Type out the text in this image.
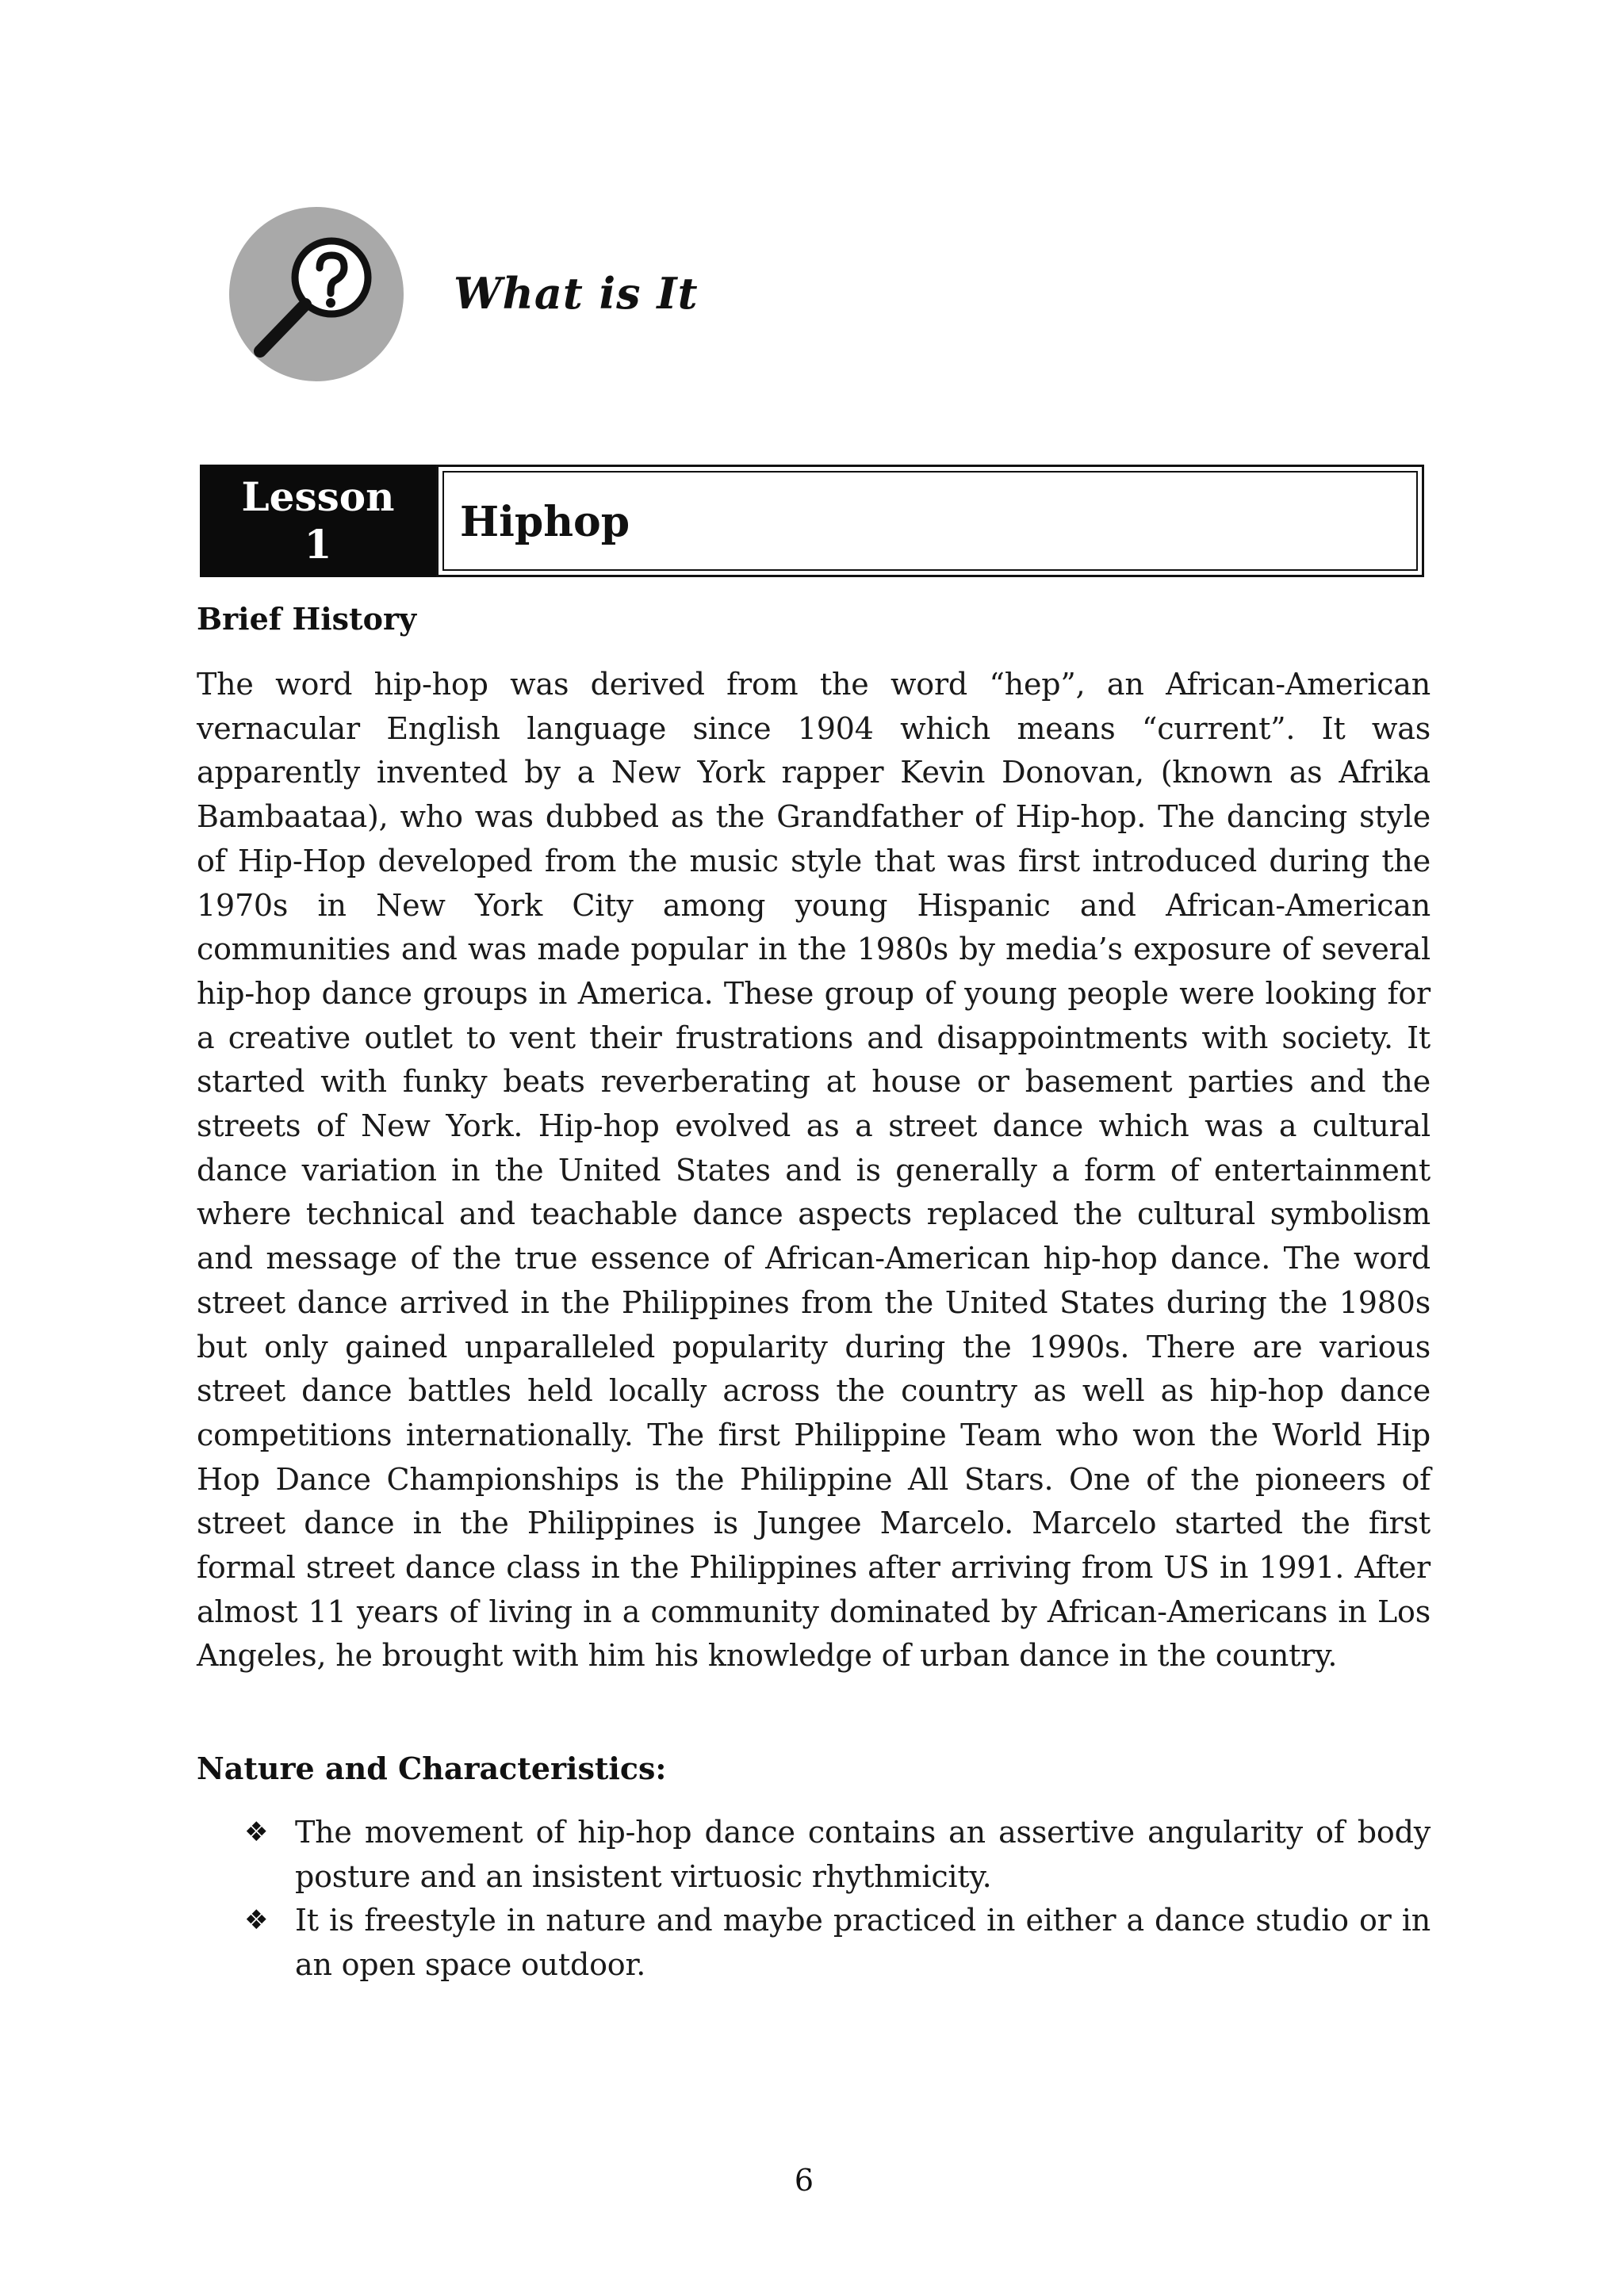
What is It
Lesson
1	Hiphop
Brief History

The word hip-hop was derived from the word “hep”, an African-American vernacular English language since 1904 which means “current”. It was apparently invented by a New York rapper Kevin Donovan, (known as Afrika Bambaataa), who was dubbed as the Grandfather of Hip-hop. The dancing style of Hip-Hop developed from the music style that was first introduced during the 1970s in New York City among young Hispanic and African-American communities and was made popular in the 1980s by media’s exposure of several hip-hop dance groups in America. These group of young people were looking for a creative outlet to vent their frustrations and disappointments with society. It started with funky beats reverberating at house or basement parties and the streets of New York. Hip-hop evolved as a street dance which was a cultural dance variation in the United States and is generally a form of entertainment where technical and teachable dance aspects replaced the cultural symbolism and message of the true essence of African-American hip-hop dance. The word street dance arrived in the Philippines from the United States during the 1980s but only gained unparalleled popularity during the 1990s. There are various street dance battles held locally across the country as well as hip-hop dance competitions internationally. The first Philippine Team who won the World Hip Hop Dance Championships is the Philippine All Stars. One of the pioneers of street dance in the Philippines is Jungee Marcelo. Marcelo started the first formal street dance class in the Philippines after arriving from US in 1991. After almost 11 years of living in a community dominated by African-Americans in Los Angeles, he brought with him his knowledge of urban dance in the country.

Nature and Characteristics:
❖ The movement of hip-hop dance contains an assertive angularity of body posture and an insistent virtuosic rhythmicity.
❖ It is freestyle in nature and maybe practiced in either a dance studio or in an open space outdoor.
6
